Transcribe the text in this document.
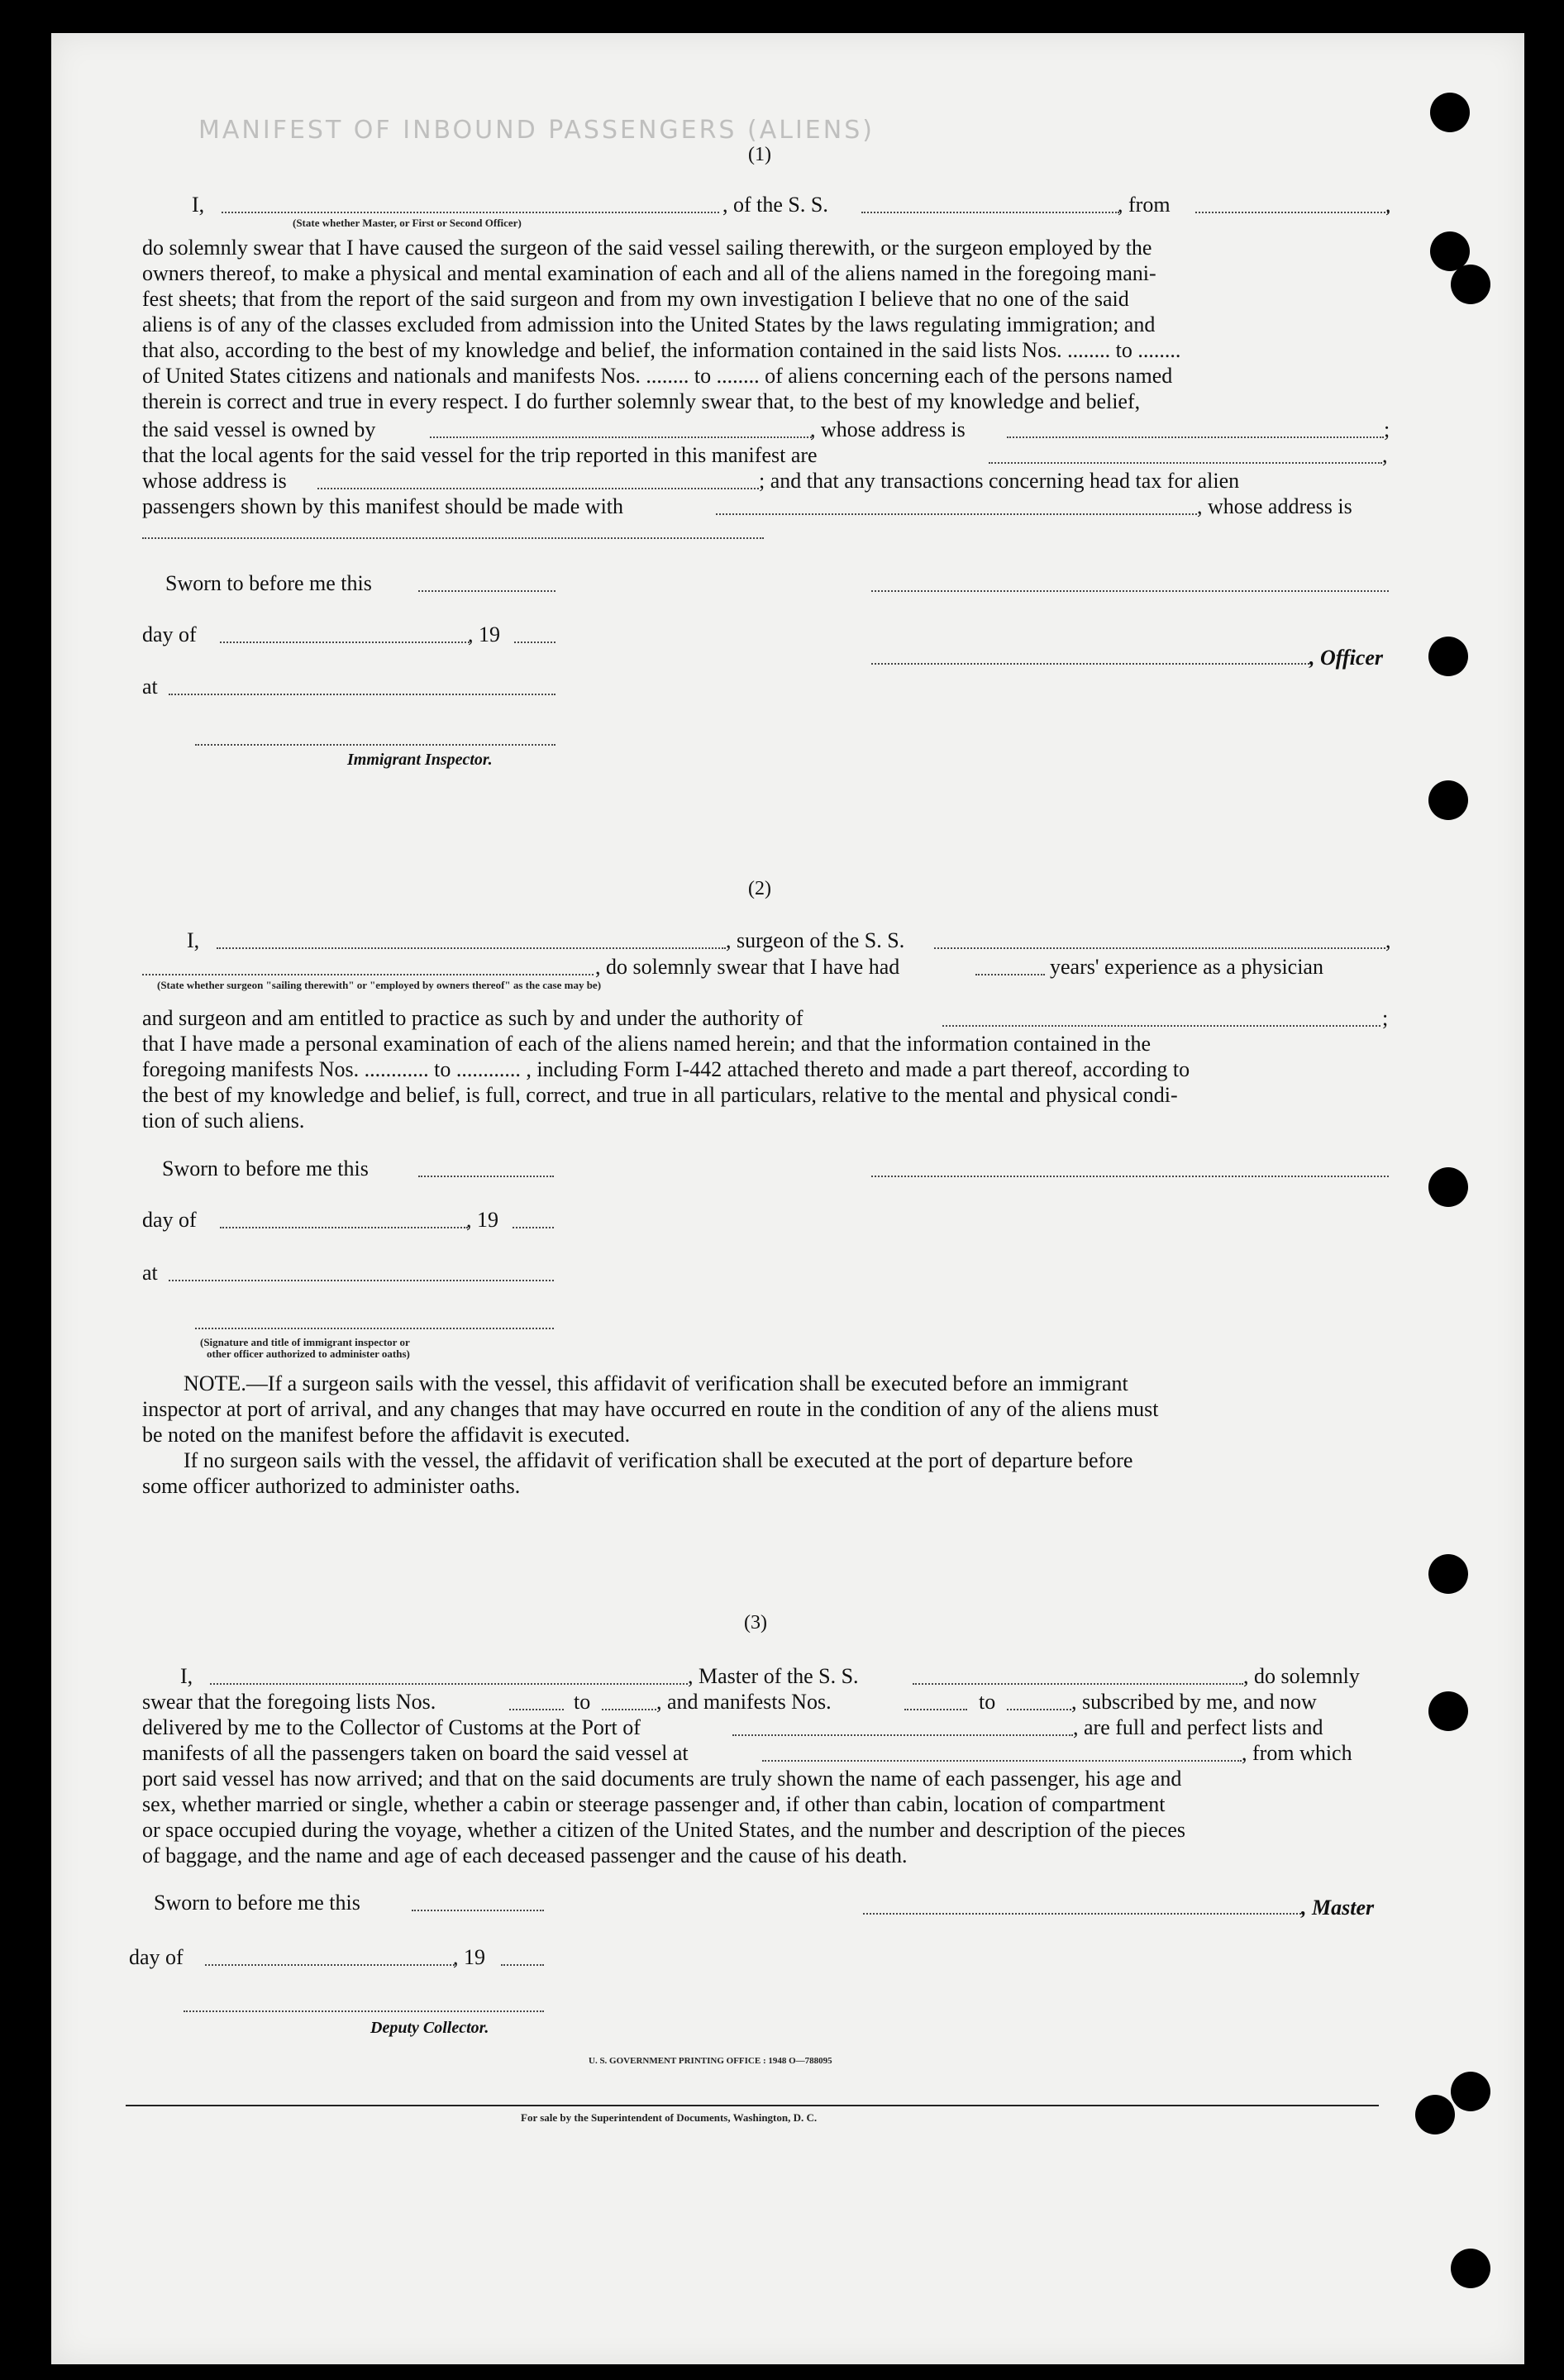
MANIFEST OF INBOUND PASSENGERS (ALIENS)
(1)
I,	, of the S. S.	, from	,
(State whether Master, or First or Second Officer)

do solemnly swear that I have caused the surgeon of the said vessel sailing therewith, or the surgeon employed by the

owners thereof, to make a physical and mental examination of each and all of the aliens named in the foregoing mani-

fest sheets; that from the report of the said surgeon and from my own investigation I believe that no one of the said

aliens is of any of the classes excluded from admission into the United States by the laws regulating immigration; and

that also, according to the best of my knowledge and belief, the information contained in the said lists Nos. ........ to ........

of United States citizens and nationals and manifests Nos. ........ to ........ of aliens concerning each of the persons named

therein is correct and true in every respect. I do further solemnly swear that, to the best of my knowledge and belief,

the said vessel is owned by	, whose address is	;
that the local agents for the said vessel for the trip reported in this manifest are	,
whose address is	; and that any transactions concerning head tax for alien
passengers shown by this manifest should be made with	, whose address is
Sworn to before me this
day of	, 19
, Officer
at
Immigrant Inspector.
(2)
I,	, surgeon of the S. S.	,
, do solemnly swear that I have had	years' experience as a physician
(State whether surgeon "sailing therewith" or "employed by owners thereof" as the case may be)
and surgeon and am entitled to practice as such by and under the authority of	;

that I have made a personal examination of each of the aliens named herein; and that the information contained in the

foregoing manifests Nos. ............ to ............ , including Form I-442 attached thereto and made a part thereof, according to

the best of my knowledge and belief, is full, correct, and true in all particulars, relative to the mental and physical condi-

tion of such aliens.

Sworn to before me this
day of	, 19
at
(Signature and title of immigrant inspector or
other officer authorized to administer oaths)

NOTE.—If a surgeon sails with the vessel, this affidavit of verification shall be executed before an immigrant

inspector at port of arrival, and any changes that may have occurred en route in the condition of any of the aliens must

be noted on the manifest before the affidavit is executed.

If no surgeon sails with the vessel, the affidavit of verification shall be executed at the port of departure before

some officer authorized to administer oaths.

(3)
I,	, Master of the S. S.	, do solemnly
swear that the foregoing lists Nos.	to	, and manifests Nos.	to	, subscribed by me, and now
delivered by me to the Collector of Customs at the Port of	, are full and perfect lists and
manifests of all the passengers taken on board the said vessel at	, from which

port said vessel has now arrived; and that on the said documents are truly shown the name of each passenger, his age and

sex, whether married or single, whether a cabin or steerage passenger and, if other than cabin, location of compartment

or space occupied during the voyage, whether a citizen of the United States, and the number and description of the pieces

of baggage, and the name and age of each deceased passenger and the cause of his death.

Sworn to before me this	, Master
day of	, 19
Deputy Collector.
U. S. GOVERNMENT PRINTING OFFICE : 1948 O—788095
For sale by the Superintendent of Documents, Washington, D. C.
